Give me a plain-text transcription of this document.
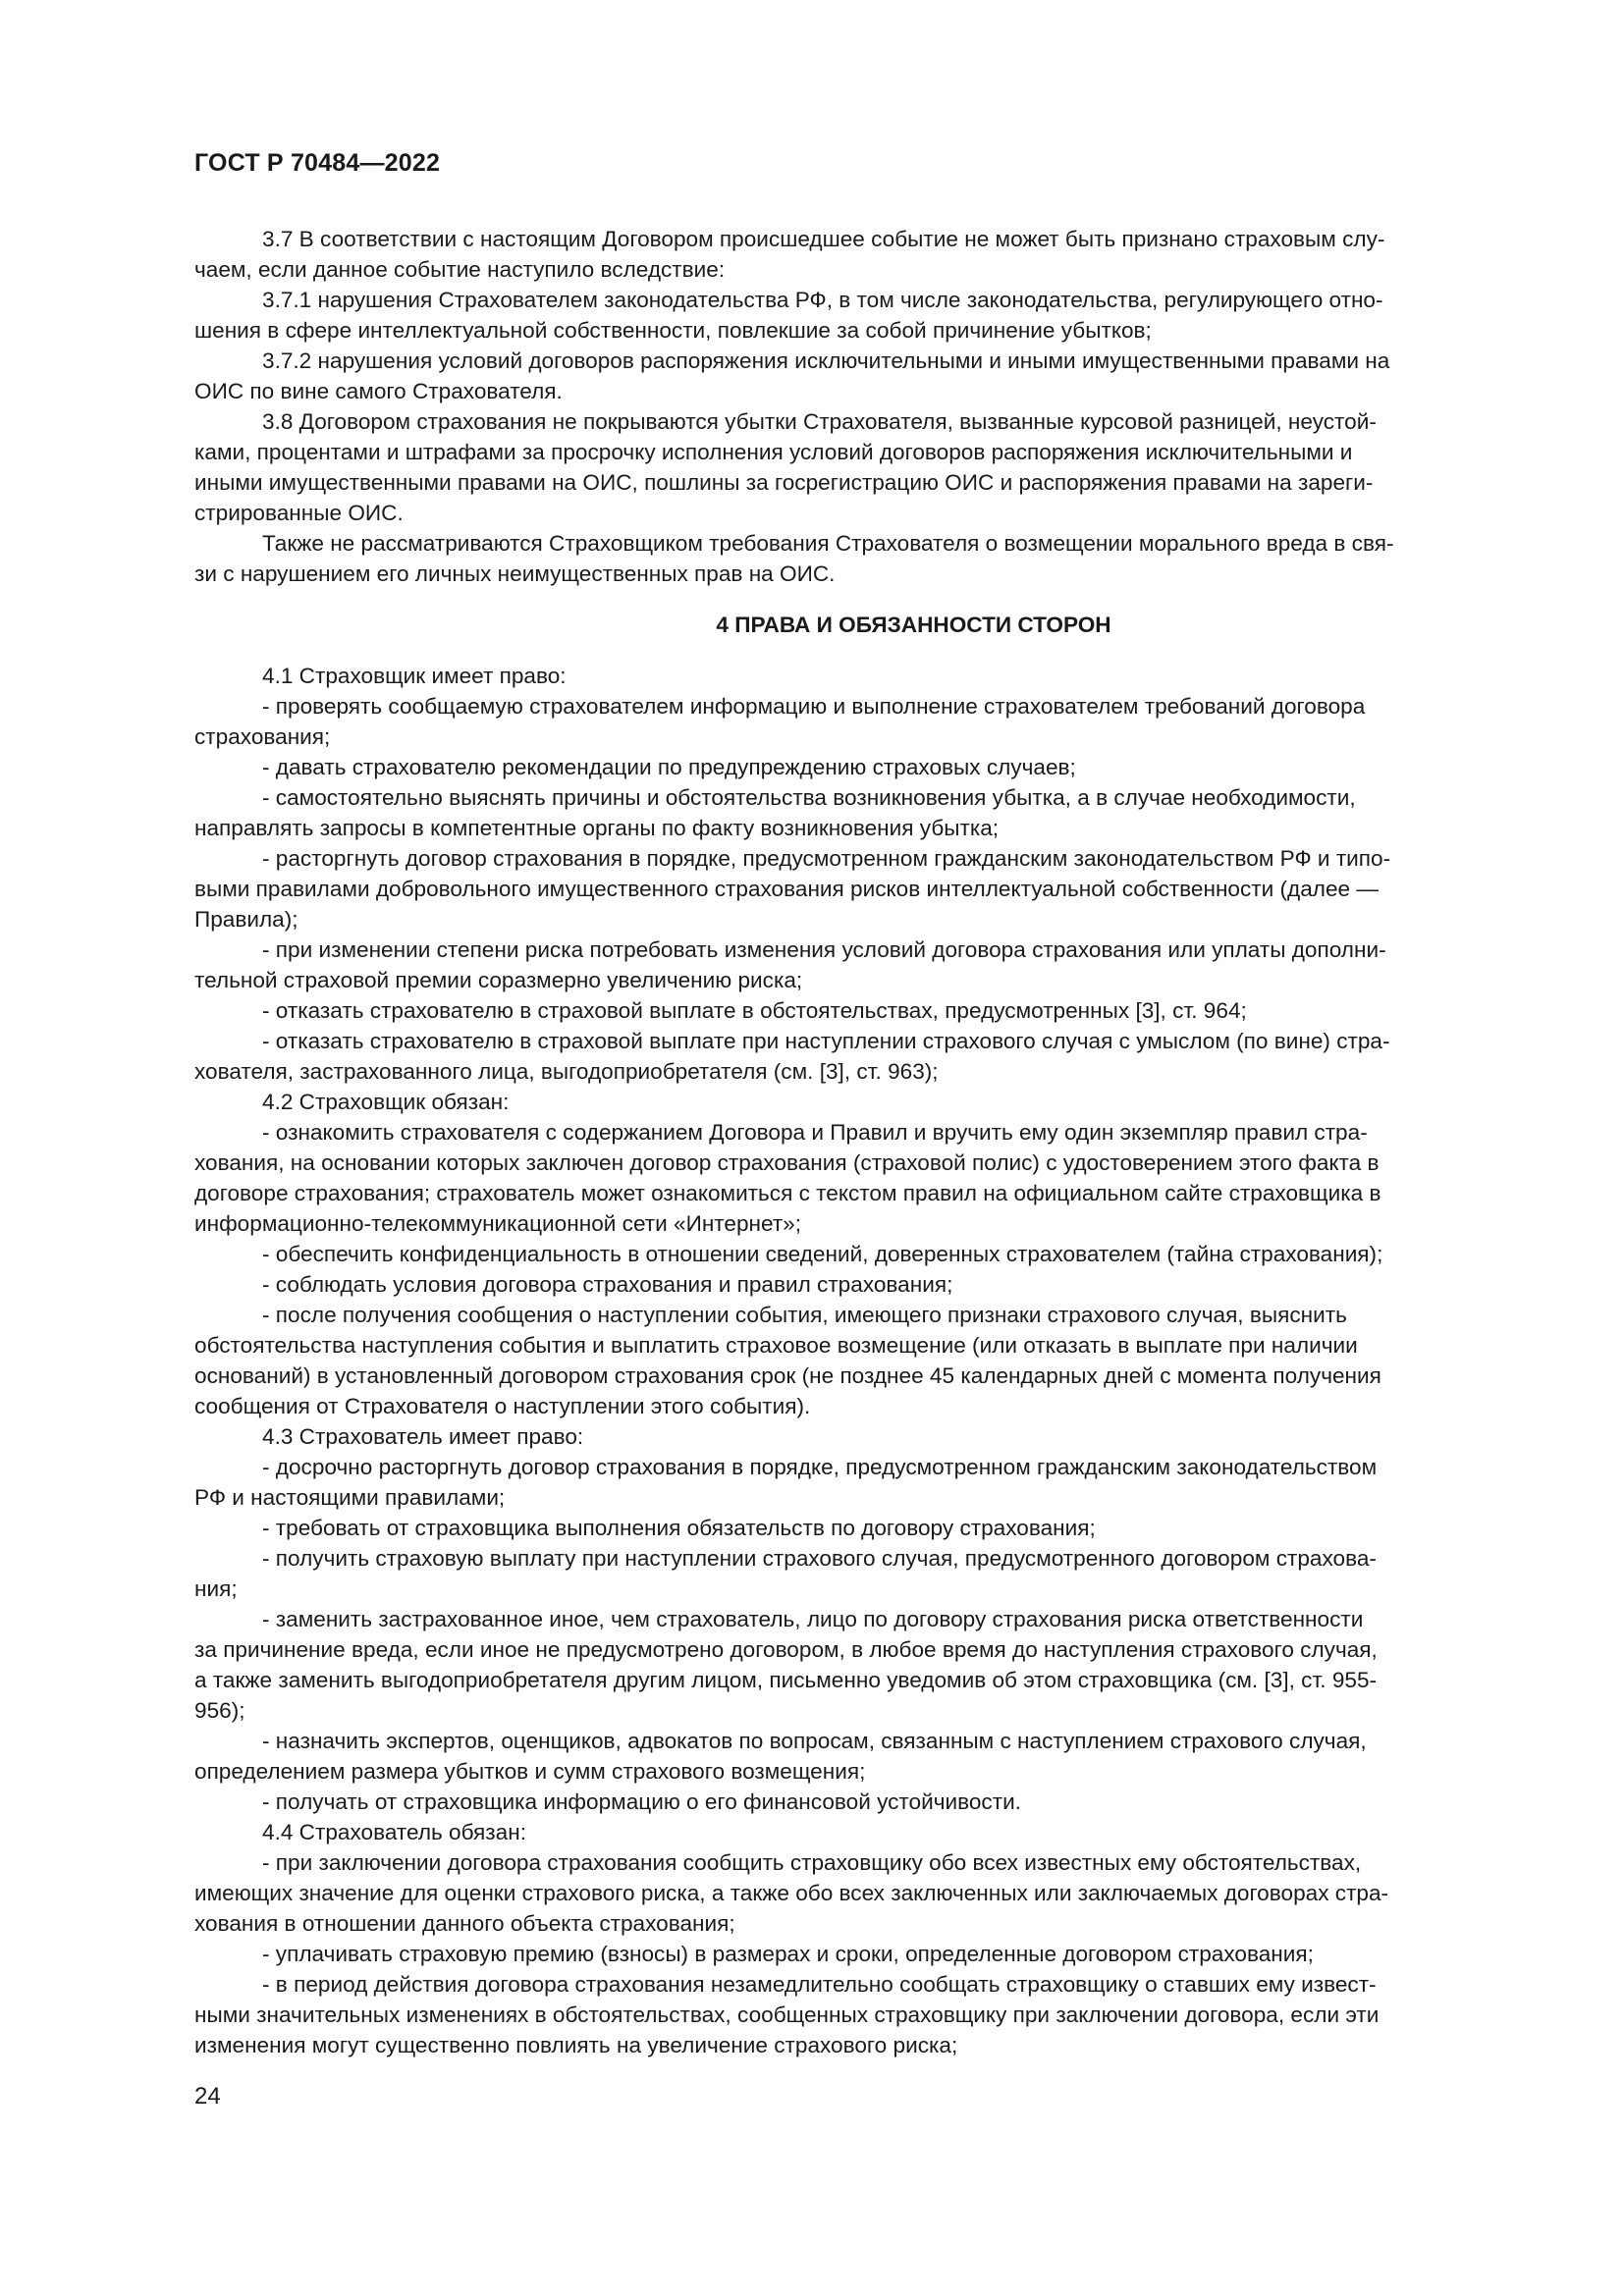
ГОСТ Р 70484—2022

3.7 В соответствии с настоящим Договором происшедшее событие не может быть признано страховым слу-
чаем, если данное событие наступило вследствие:

3.7.1 нарушения Страхователем законодательства РФ, в том числе законодательства, регулирующего отно-
шения в сфере интеллектуальной собственности, повлекшие за собой причинение убытков;

3.7.2 нарушения условий договоров распоряжения исключительными и иными имущественными правами на
ОИС по вине самого Страхователя.

3.8 Договором страхования не покрываются убытки Страхователя, вызванные курсовой разницей, неустой-
ками, процентами и штрафами за просрочку исполнения условий договоров распоряжения исключительными и
иными имущественными правами на ОИС, пошлины за госрегистрацию ОИС и распоряжения правами на зареги-
стрированные ОИС.

Также не рассматриваются Страховщиком требования Страхователя о возмещении морального вреда в свя-
зи с нарушением его личных неимущественных прав на ОИС.

4 ПРАВА И ОБЯЗАННОСТИ СТОРОН

4.1 Страховщик имеет право:

- проверять сообщаемую страхователем информацию и выполнение страхователем требований договора
страхования;

- давать страхователю рекомендации по предупреждению страховых случаев;

- самостоятельно выяснять причины и обстоятельства возникновения убытка, а в случае необходимости,
направлять запросы в компетентные органы по факту возникновения убытка;

- расторгнуть договор страхования в порядке, предусмотренном гражданским законодательством РФ и типо-
выми правилами добровольного имущественного страхования рисков интеллектуальной собственности (далее —
Правила);

- при изменении степени риска потребовать изменения условий договора страхования или уплаты дополни-
тельной страховой премии соразмерно увеличению риска;

- отказать страхователю в страховой выплате в обстоятельствах, предусмотренных [3], ст. 964;

- отказать страхователю в страховой выплате при наступлении страхового случая с умыслом (по вине) стра-
хователя, застрахованного лица, выгодоприобретателя (см. [3], ст. 963);

4.2 Страховщик обязан:

- ознакомить страхователя с содержанием Договора и Правил и вручить ему один экземпляр правил стра-
хования, на основании которых заключен договор страхования (страховой полис) с удостоверением этого факта в
договоре страхования; страхователь может ознакомиться с текстом правил на официальном сайте страховщика в
информационно-телекоммуникационной сети «Интернет»;

- обеспечить конфиденциальность в отношении сведений, доверенных страхователем (тайна страхования);

- соблюдать условия договора страхования и правил страхования;

- после получения сообщения о наступлении события, имеющего признаки страхового случая, выяснить
обстоятельства наступления события и выплатить страховое возмещение (или отказать в выплате при наличии
оснований) в установленный договором страхования срок (не позднее 45 календарных дней с момента получения
сообщения от Страхователя о наступлении этого события).

4.3 Страхователь имеет право:

- досрочно расторгнуть договор страхования в порядке, предусмотренном гражданским законодательством
РФ и настоящими правилами;

- требовать от страховщика выполнения обязательств по договору страхования;

- получить страховую выплату при наступлении страхового случая, предусмотренного договором страхова-
ния;

- заменить застрахованное иное, чем страхователь, лицо по договору страхования риска ответственности
за причинение вреда, если иное не предусмотрено договором, в любое время до наступления страхового случая,
а также заменить выгодоприобретателя другим лицом, письменно уведомив об этом страховщика (см. [3], ст. 955-
956);

- назначить экспертов, оценщиков, адвокатов по вопросам, связанным с наступлением страхового случая,
определением размера убытков и сумм страхового возмещения;

- получать от страховщика информацию о его финансовой устойчивости.

4.4 Страхователь обязан:

- при заключении договора страхования сообщить страховщику обо всех известных ему обстоятельствах,
имеющих значение для оценки страхового риска, а также обо всех заключенных или заключаемых договорах стра-
хования в отношении данного объекта страхования;

- уплачивать страховую премию (взносы) в размерах и сроки, определенные договором страхования;

- в период действия договора страхования незамедлительно сообщать страховщику о ставших ему извест-
ными значительных изменениях в обстоятельствах, сообщенных страховщику при заключении договора, если эти
изменения могут существенно повлиять на увеличение страхового риска;

24
